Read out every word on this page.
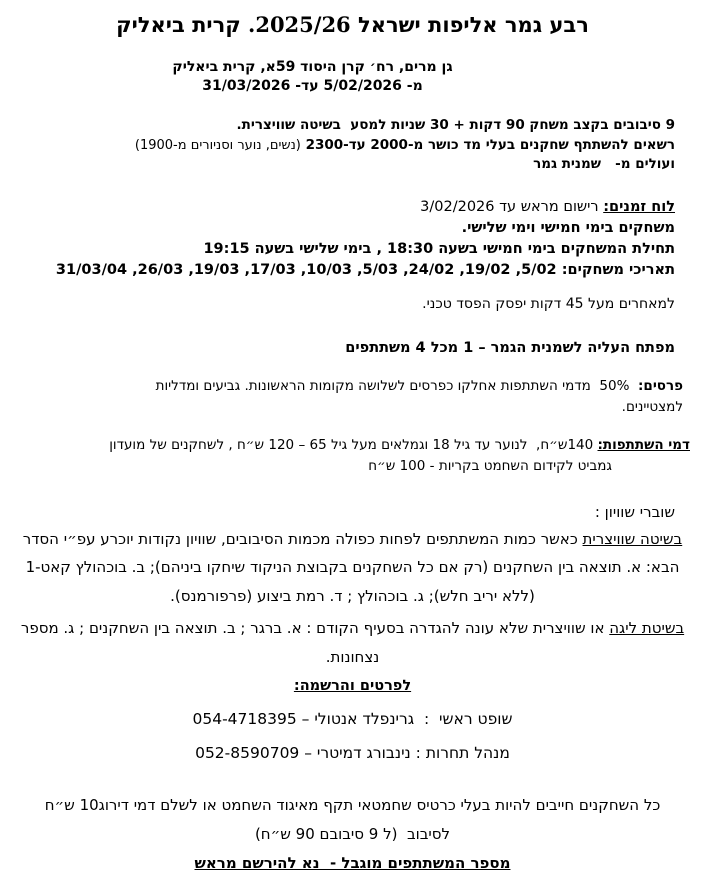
רבע גמר אליפות ישראל 2025/26. קרית ביאליק
גן מרים, רח׳ קרן היסוד 59א, קרית ביאליק
מ- 5/02/2026 עד- 31/03/2026
9 סיבובים בקצב משחק 90 דקות + 30 שניות למסע  בשיטה שוויצרית.
רשאים להשתתף שחקנים בעלי מד כושר מ-2000 עד-2300 (נשים, נוער וסניורים מ-1900)
ועולים מ-   שמנית גמר
לוח זמנים: רישום מראש עד 3/02/2026
משחקים בימי חמישי וימי שלישי.
תחילת המשחקים בימי חמישי בשעה 18:30 , בימי שלישי בשעה 19:15
תאריכי משחקים: 5/02, 19/02, 24/02, 5/03, 10/03, 17/03, 19/03, 26/03, 31/03/04
למאחרים מעל 45 דקות יפסק הפסד טכני.
מפתח העליה לשמנית הגמר – 1 מכל 4 משתתפים
פרסים:  50%  מדמי השתתפות אחלקו כפרסים לשלושה מקומות הראשונות. גביעים ומדליות
למצטיינים.
דמי השתתפות: 140ש״ח,  לנוער עד גיל 18 וגמלאים מעל גיל 65 – 120 ש״ח , לשחקנים של מועדון
גמביט לקידום השחמט בקריות - 100 ש״ח
שוברי שוויון :
בשיטה שוויצרית כאשר כמות המשתתפים לפחות כפולה מכמות הסיבובים, שוויון נקודות יוכרע עפ״י הסדר הבא: א. תוצאה בין השחקנים (רק אם כל השחקנים בקבוצת הניקוד שיחקו ביניהם); ב. בוכהולץ קאט-1 (ללא יריב חלש); ג. בוכהולץ ; ד. רמת ביצוע (פרפורמנס).
בשיטת ליגה או שוויצרית שלא עונה להגדרה בסעיף הקודם : א. ברגר ; ב. תוצאה בין השחקנים ; ג. מספר נצחונות.
לפרטים והרשמה:
שופט ראשי  :  גרינפלד אנטולי – 054-4718395
מנהל תחרות : נינבורג דמיטרי – 052-8590709
כל השחקנים חייבים להיות בעלי כרטיס שחמטאי תקף מאיגוד השחמט או לשלם דמי דירוג10 ש״ח
לסיבוב  (ל 9 סיבובם 90 ש״ח)
מספר המשתתפים מוגבל -  נא להירשם מראש
